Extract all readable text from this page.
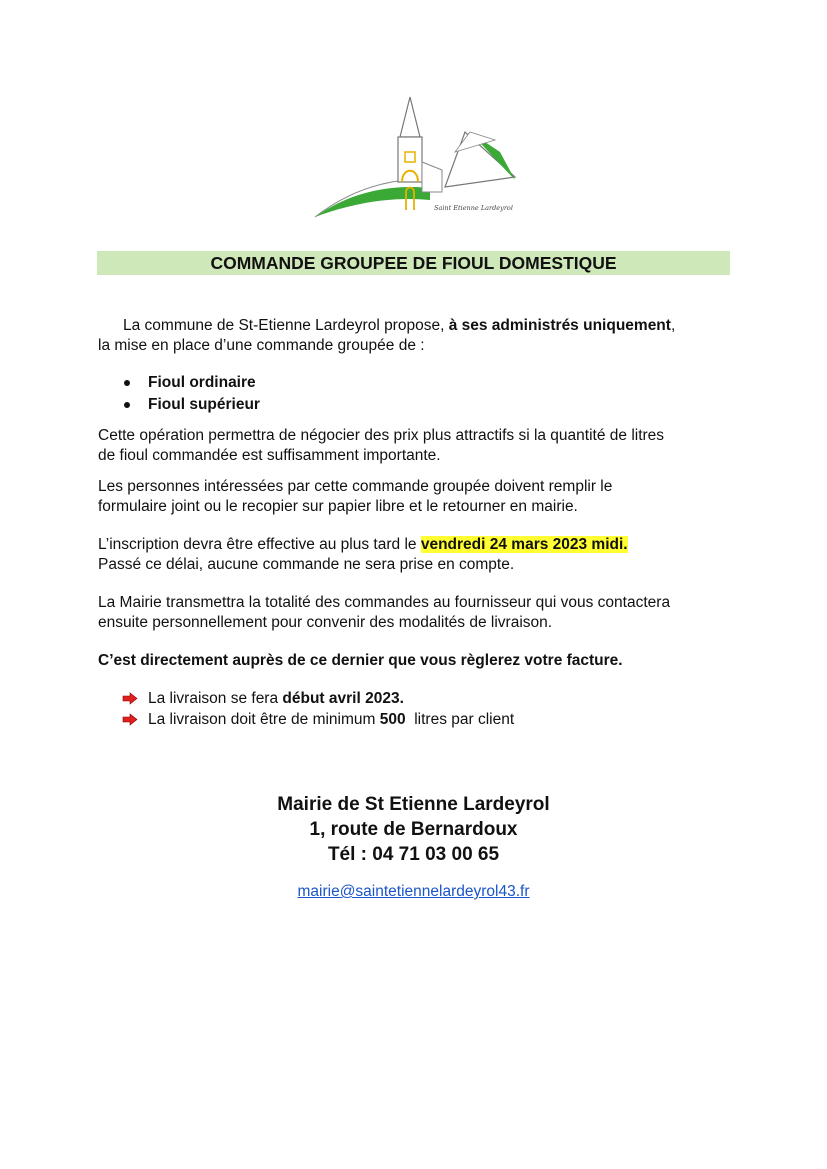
Saint Etienne Lardeyrol
COMMANDE GROUPEE DE FIOUL DOMESTIQUE

La commune de St-Etienne Lardeyrol propose, à ses administrés uniquement,
la mise en place d’une commande groupée de :

Fioul ordinaire
Fioul supérieur

Cette opération permettra de négocier des prix plus attractifs si la quantité de litres
de fioul commandée est suffisamment importante.

Les personnes intéressées par cette commande groupée doivent remplir le
formulaire joint ou le recopier sur papier libre et le retourner en mairie.

L’inscription devra être effective au plus tard le vendredi 24 mars 2023 midi.
Passé ce délai, aucune commande ne sera prise en compte.

La Mairie transmettra la totalité des commandes au fournisseur qui vous contactera
ensuite personnellement pour convenir des modalités de livraison.

C’est directement auprès de ce dernier que vous règlerez votre facture.

La livraison se fera début avril 2023.
La livraison doit être de minimum 500  litres par client
Mairie de St Etienne Lardeyrol
1, route de Bernardoux
Tél : 04 71 03 00 65
mairie@saintetiennelardeyrol43.fr
